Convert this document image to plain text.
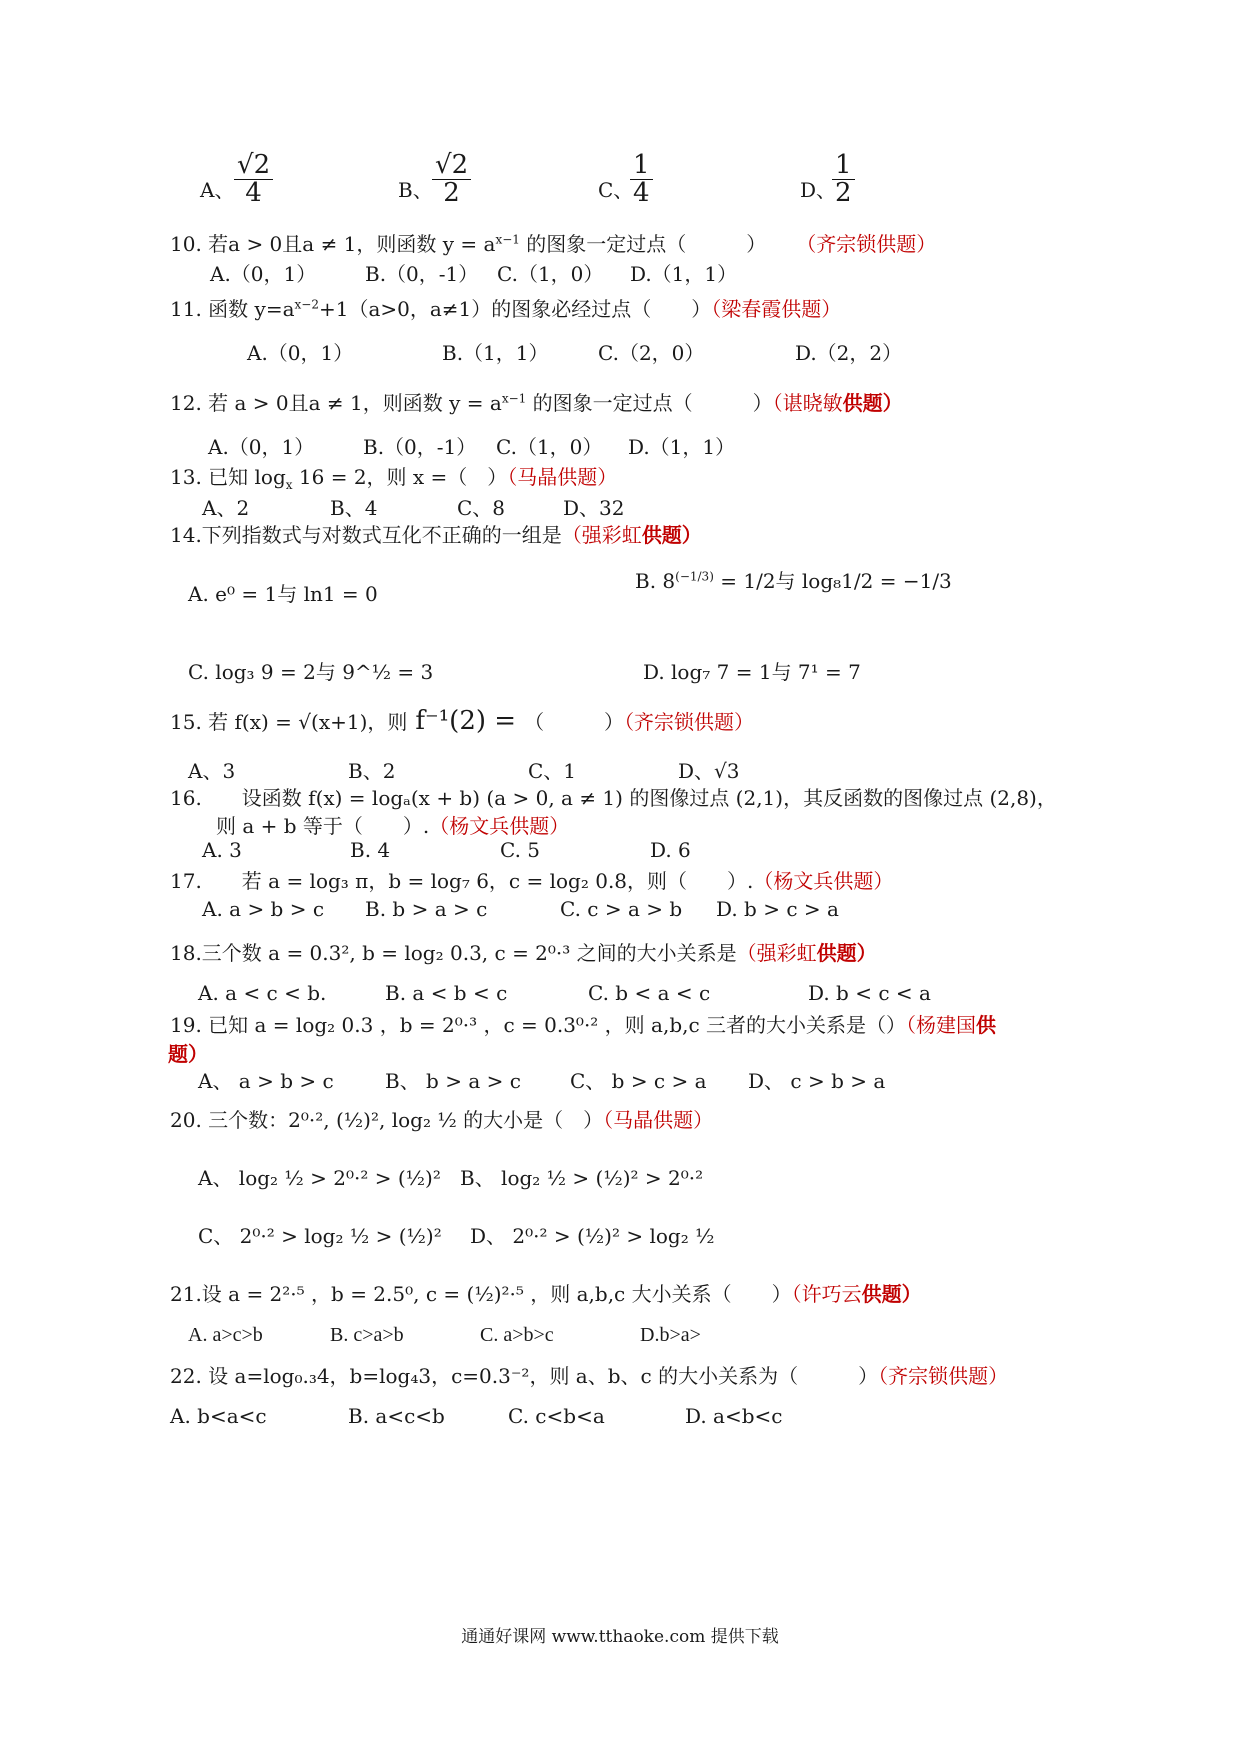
A、 $\frac{√2}{4}$	B、 $\frac{√2}{2}$	C、
$\frac{1}{4}$	D、
$\frac{1}{2}$
10. 若a > 0且a ≠ 1，则函数 $y = a^{x-1}$ 的图象一定过点（　　　） （齐宗锁供题）
A.（0，1） B.（0，-1） C.（1，0） D.（1，1）
11. 函数 $y=a^{x-2}+1(a>0$，a≠1）的图象必经过点（　　）（梁春霞供题）
A.（0，1）	B.（1，1） C.（2，0）	D.（2，2）
12. 若 a > 0且a ≠ 1，则函数 $y = a^{x-1}$ 的图象一定过点（　　　）（谌晓敏供题）
A.（0，1） B.（0，-1） C.（1，0） D.（1，1）
13. 已知 $\log_x 16 = 2$，则 x =（　）（马晶供题）
A、2	B、4	C、8	D、32
14.下列指数式与对数式互化不正确的一组是（强彩虹供题）
A. e⁰ = 1与 ln1 = 0
B. $8^{(-1/3)} = 1/2$与 log₈1/2 = −1/3
C. log₃ 9 = 2与 9^½ = 3	D. log₇ 7 = 1与 7¹ = 7
15. 若 f(x) = √(x+1)，则 f⁻¹(2) = （　　　）（齐宗锁供题）
A、3	B、2	C、1	D、√3
16.　　设函数 f(x) = logₐ(x + b) (a > 0, a ≠ 1) 的图像过点 (2,1)，其反函数的图像过点 (2,8)，
则 a + b 等于（　　）.（杨文兵供题）
A. 3	B. 4	C. 5	D. 6
17.　　若 a = log₃ π，b = log₇ 6，c = log₂ 0.8，则（　　）.（杨文兵供题）
A. a > b > c B. b > a > c	C. c > a > b D. b > c > a
18.三个数 a = 0.3², b = log₂ 0.3, c = 2⁰·³ 之间的大小关系是（强彩虹供题）
A. a < c < b.	B. a < b < c	C. b < a < c	D. b < c < a
19. 已知 a = log₂ 0.3 ，b = 2⁰·³ ，c = 0.3⁰·² ，则 a,b,c 三者的大小关系是（）（杨建国供
题）
A、 a > b > c	B、 b > a > c C、 b > c > a D、 c > b > a
20. 三个数：2⁰·², (½)², log₂ ½ 的大小是（　）（马晶供题）
A、 log₂ ½ > 2⁰·² > (½)² B、 log₂ ½ > (½)² > 2⁰·²
C、 2⁰·² > log₂ ½ > (½)² D、 2⁰·² > (½)² > log₂ ½
21.设 a = 2²·⁵ ，b = 2.5⁰, c = (½)²·⁵ ，则 a,b,c 大小关系（　　）（许巧云供题）
A. a>c>b	B. c>a>b	C. a>b>c	D.b>a>
22. 设 a=log₀.₃4，b=log₄3，c=0.3⁻²，则 a、b、c 的大小关系为（　　　）（齐宗锁供题）
A. b<a<c	B. a<c<b	C. c<b<a	D. a<b<c
通通好课网 www.tthaoke.com 提供下载
